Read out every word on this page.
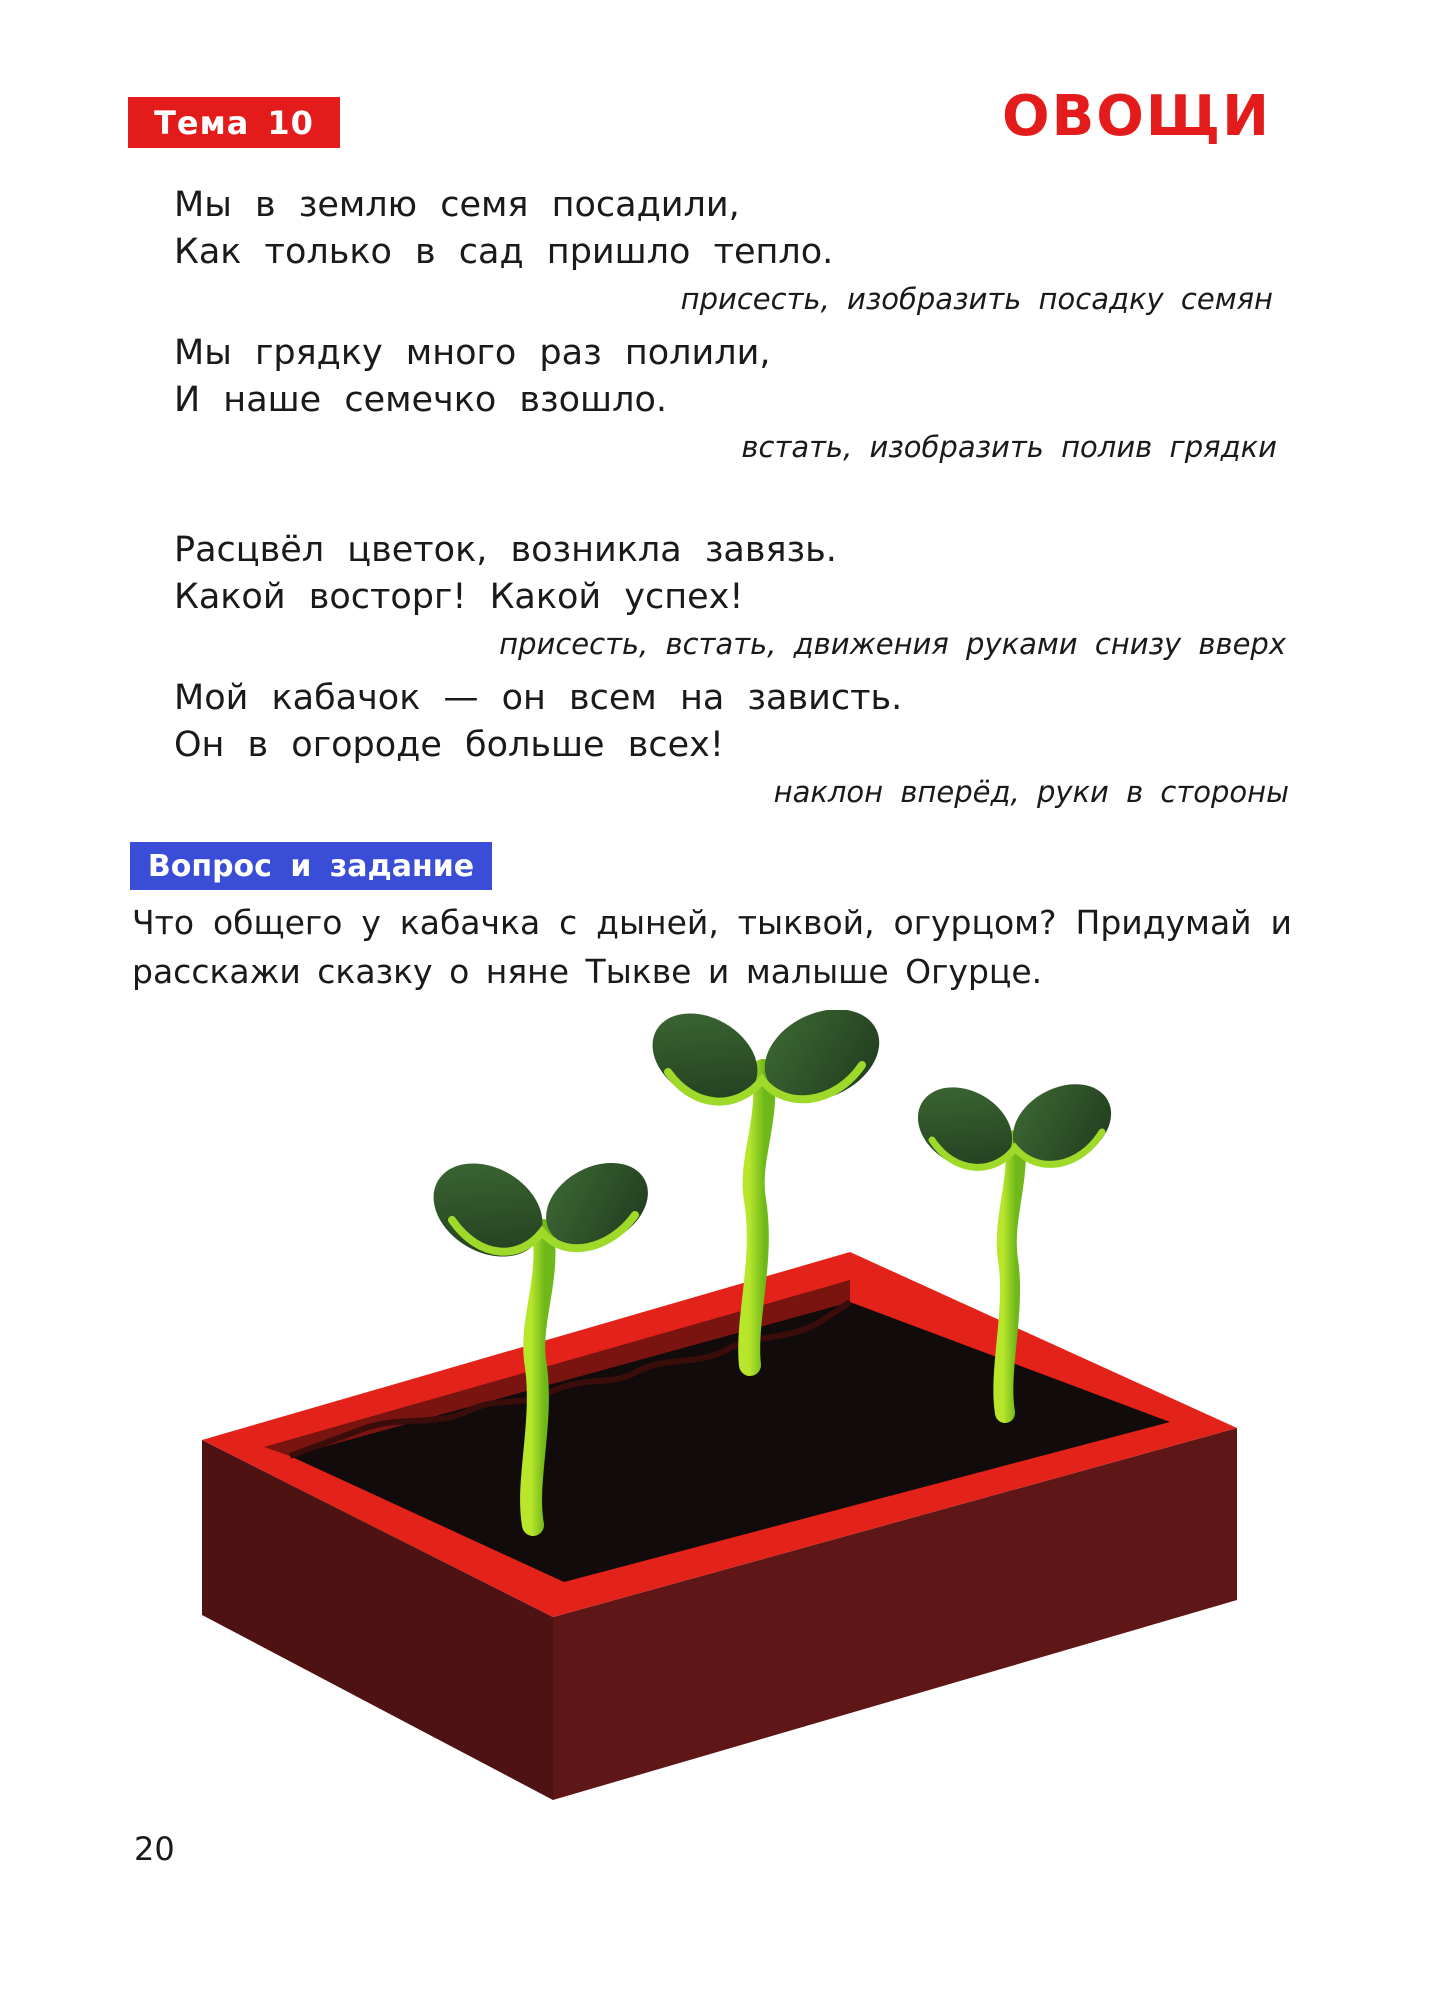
Тема 10	ОВОЩИ
Мы в землю семя посадили,
Как только в сад пришло тепло.
присесть, изобразить посадку семян
Мы грядку много раз полили,
И наше семечко взошло.
встать, изобразить полив грядки
Расцвёл цветок, возникла завязь.
Какой восторг! Какой успех!
присесть, встать, движения руками снизу вверх
Мой кабачок — он всем на зависть.
Он в огороде больше всех!
наклон вперёд, руки в стороны
Вопрос и задание
Что общего у кабачка с дыней, тыквой, огурцом? Придумай и расскажи сказку о няне Тыкве и малыше Огурце.
20
